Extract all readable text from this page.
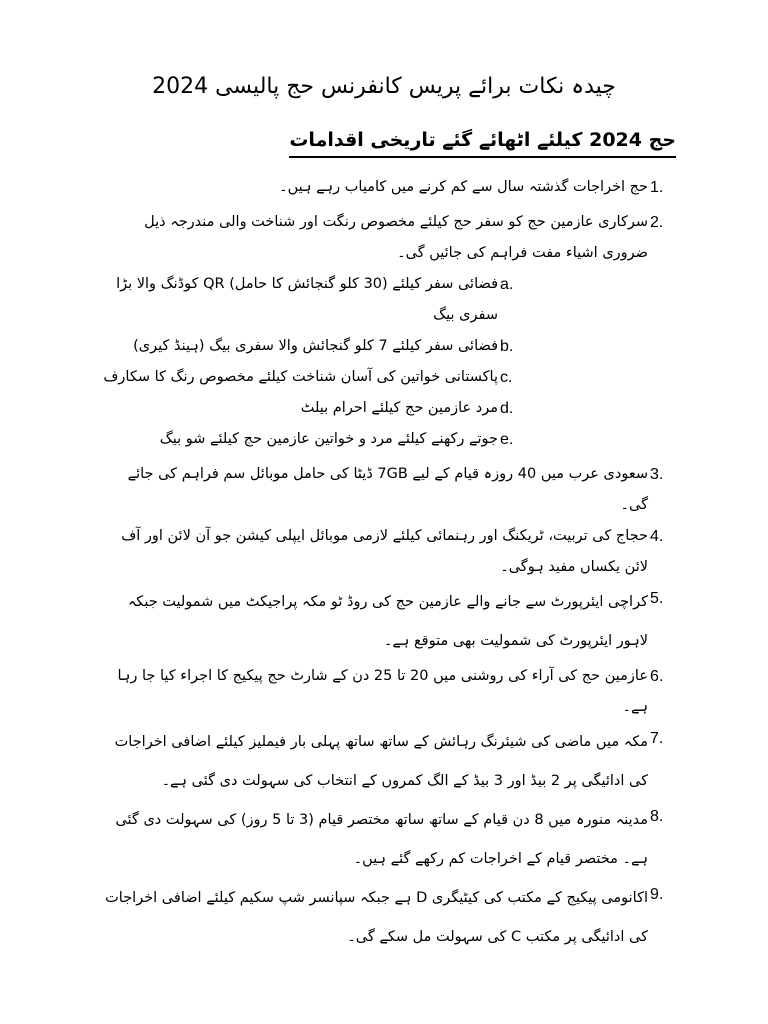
چیدہ نکات برائے پریس کانفرنس حج پالیسی 2024
حج 2024 کیلئے اٹھائے گئے تاریخی اقدامات
1.
حج اخراجات گذشتہ سال سے کم کرنے میں کامیاب رہے ہیں۔
2.
سرکاری عازمین حج کو سفر حج کیلئے مخصوص رنگت اور شناخت والی مندرجہ ذیل ضروری اشیاء مفت فراہم کی جائیں گی۔
a.
فضائی سفر کیلئے (30 کلو گنجائش کا حامل) QR کوڈنگ والا بڑا سفری بیگ
b.
فضائی سفر کیلئے 7 کلو گنجائش والا سفری بیگ (ہینڈ کیری)
c.
پاکستانی خواتین کی آسان شناخت کیلئے مخصوص رنگ کا سکارف
d.
مرد عازمین حج کیلئے احرام بیلٹ
e.
جوتے رکھنے کیلئے مرد و خواتین عازمین حج کیلئے شو بیگ
3.
سعودی عرب میں 40 روزہ قیام کے لیے 7GB ڈیٹا کی حامل موبائل سم فراہم کی جائے گی۔
4.
حجاج کی تربیت، ٹریکنگ اور رہنمائی کیلئے لازمی موبائل ایپلی کیشن جو آن لائن اور آف لائن یکساں مفید ہوگی۔
5.
کراچی ایئرپورٹ سے جانے والے عازمین حج کی روڈ ٹو مکہ پراجیکٹ میں شمولیت جبکہ لاہور ایئرپورٹ کی شمولیت بھی متوقع ہے۔
6.
عازمین حج کی آراء کی روشنی میں 20 تا 25 دن کے شارٹ حج پیکیج کا اجراء کیا جا رہا ہے۔
7.
مکہ میں ماضی کی شیئرنگ رہائش کے ساتھ ساتھ پہلی بار فیملیز کیلئے اضافی اخراجات کی ادائیگی پر 2 بیڈ اور 3 بیڈ کے الگ کمروں کے انتخاب کی سہولت دی گئی ہے۔
8.
مدینہ منورہ میں 8 دن قیام کے ساتھ ساتھ مختصر قیام (3 تا 5 روز) کی سہولت دی گئی ہے۔ مختصر قیام کے اخراجات کم رکھے گئے ہیں۔
9.
اکانومی پیکیج کے مکتب کی کیٹیگری D ہے جبکہ سپانسر شپ سکیم کیلئے اضافی اخراجات کی ادائیگی پر مکتب C کی سہولت مل سکے گی۔
